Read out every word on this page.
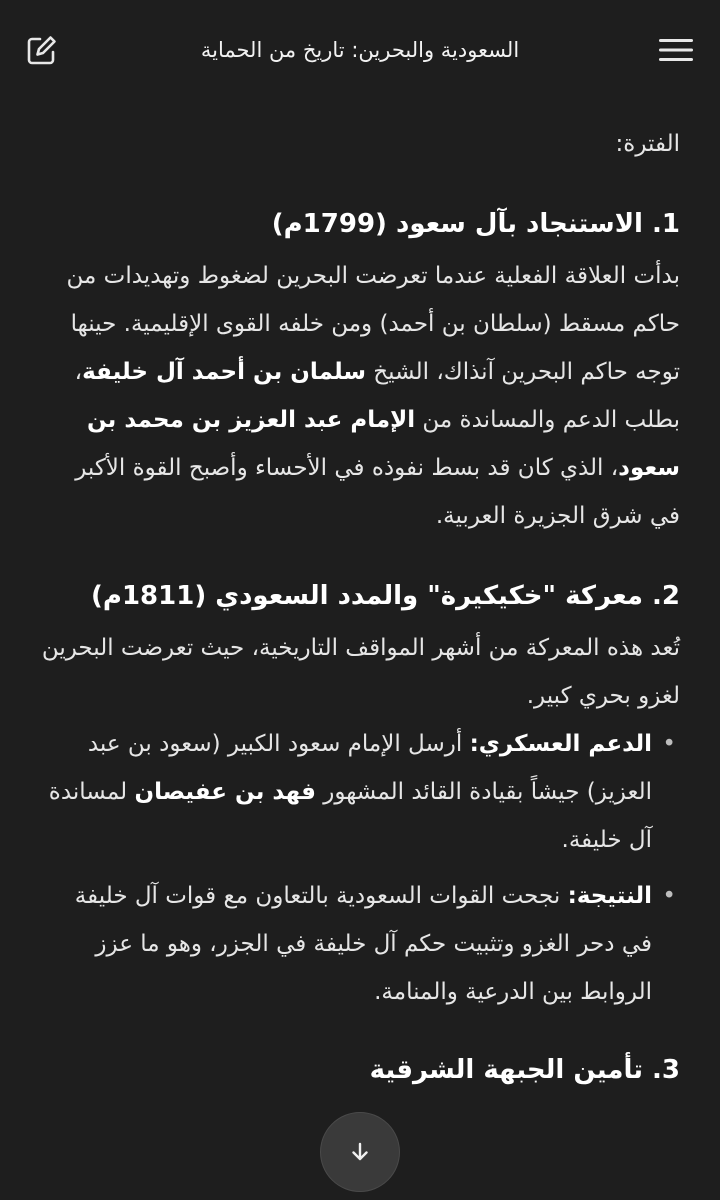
السعودية والبحرين: تاريخ من الحماية

الفترة:

1. الاستنجاد بآل سعود (1799م)

بدأت العلاقة الفعلية عندما تعرضت البحرين لضغوط وتهديدات من حاكم مسقط (سلطان بن أحمد) ومن خلفه القوى الإقليمية. حينها توجه حاكم البحرين آنذاك، الشيخ سلمان بن أحمد آل خليفة، بطلب الدعم والمساندة من الإمام عبد العزيز بن محمد بن سعود، الذي كان قد بسط نفوذه في الأحساء وأصبح القوة الأكبر في شرق الجزيرة العربية.

2. معركة "خكيكيرة" والمدد السعودي (1811م)

تُعد هذه المعركة من أشهر المواقف التاريخية، حيث تعرضت البحرين لغزو بحري كبير.

•
الدعم العسكري: أرسل الإمام سعود الكبير (سعود بن عبد العزيز) جيشاً بقيادة القائد المشهور فهد بن عفيصان لمساندة آل خليفة.
•
النتيجة: نجحت القوات السعودية بالتعاون مع قوات آل خليفة في دحر الغزو وتثبيت حكم آل خليفة في الجزر، وهو ما عزز الروابط بين الدرعية والمنامة.
3. تأمين الجبهة الشرقية
